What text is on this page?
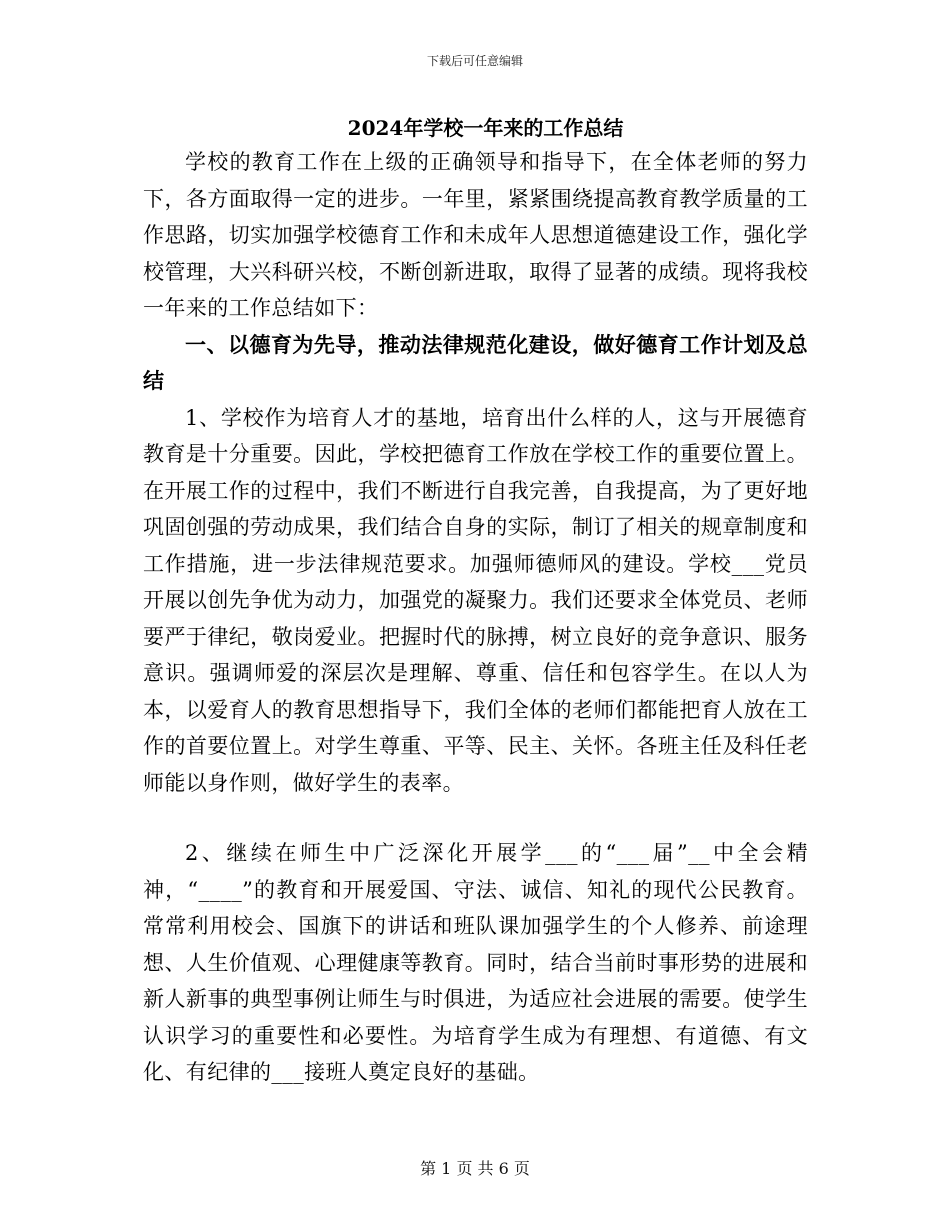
下载后可任意编辑
2024年学校一年来的工作总结

学校的教育工作在上级的正确领导和指导下，在全体老师的努力下，各方面取得一定的进步。一年里，紧紧围绕提高教育教学质量的工作思路，切实加强学校德育工作和未成年人思想道德建设工作，强化学校管理，大兴科研兴校，不断创新进取，取得了显著的成绩。现将我校一年来的工作总结如下：

一、以德育为先导，推动法律规范化建设，做好德育工作计划及总结

1、学校作为培育人才的基地，培育出什么样的人，这与开展德育教育是十分重要。因此，学校把德育工作放在学校工作的重要位置上。在开展工作的过程中，我们不断进行自我完善，自我提高，为了更好地巩固创强的劳动成果，我们结合自身的实际，制订了相关的规章制度和工作措施，进一步法律规范要求。加强师德师风的建设。学校___党员开展以创先争优为动力，加强党的凝聚力。我们还要求全体党员、老师要严于律纪，敬岗爱业。把握时代的脉搏，树立良好的竞争意识、服务意识。强调师爱的深层次是理解、尊重、信任和包容学生。在以人为本，以爱育人的教育思想指导下，我们全体的老师们都能把育人放在工作的首要位置上。对学生尊重、平等、民主、关怀。各班主任及科任老师能以身作则，做好学生的表率。

2、继续在师生中广泛深化开展学___的“___届”__中全会精神，“____”的教育和开展爱国、守法、诚信、知礼的现代公民教育。常常利用校会、国旗下的讲话和班队课加强学生的个人修养、前途理想、人生价值观、心理健康等教育。同时，结合当前时事形势的进展和新人新事的典型事例让师生与时俱进，为适应社会进展的需要。使学生认识学习的重要性和必要性。为培育学生成为有理想、有道德、有文化、有纪律的___接班人奠定良好的基础。

第 1 页 共 6 页
